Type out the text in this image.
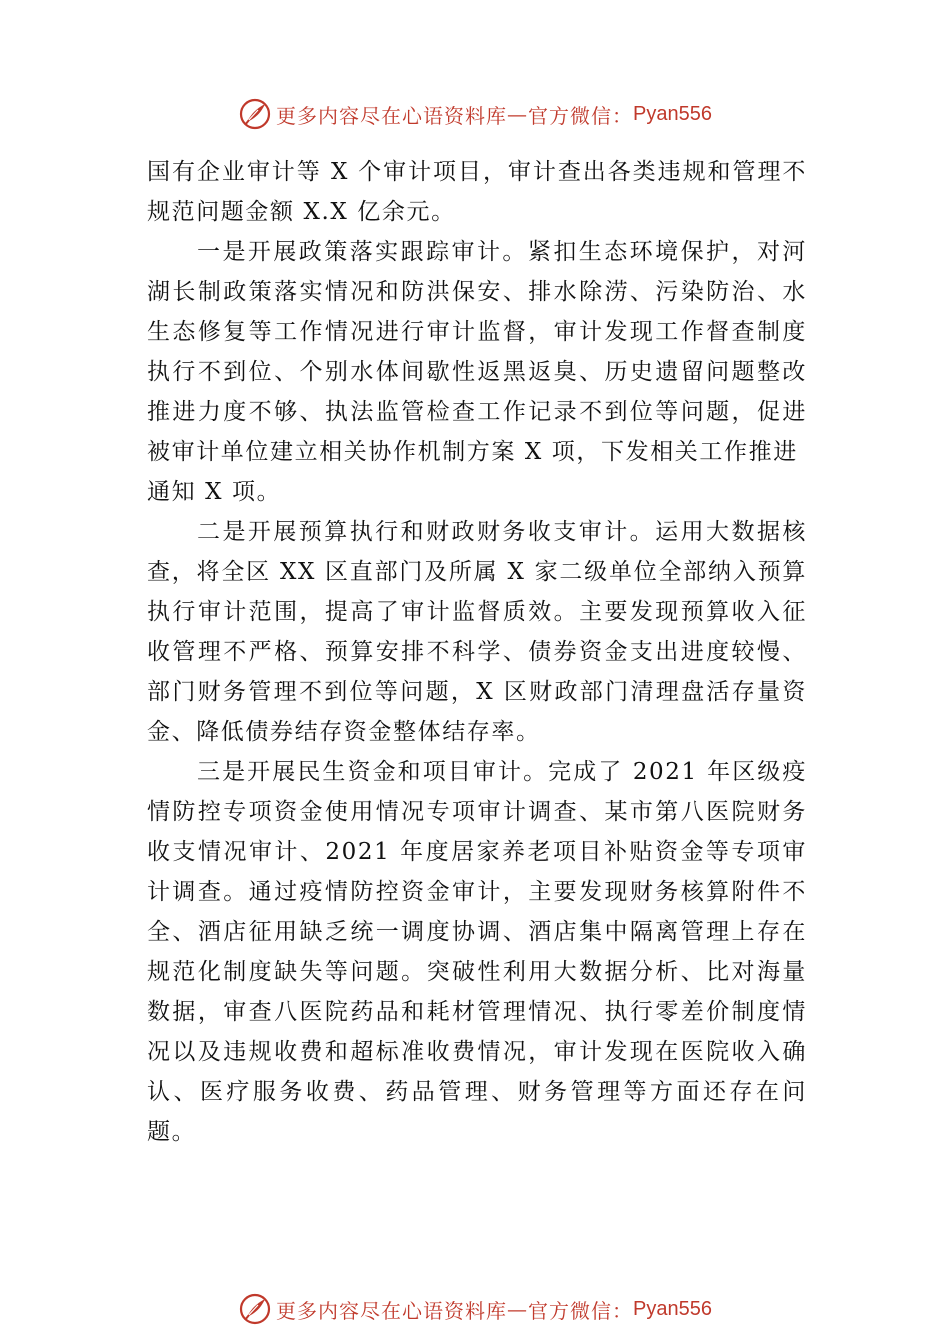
更多内容尽在心语资料库 — 官方微信： Pyan556

国有企业审计等 X 个审计项目，审计查出各类违规和管理不规范问题金额 X.X 亿余元。

一是开展政策落实跟踪审计。紧扣生态环境保护，对河湖长制政策落实情况和防洪保安、排水除涝、污染防治、水生态修复等工作情况进行审计监督，审计发现工作督查制度执行不到位、个别水体间歇性返黑返臭、历史遗留问题整改推进力度不够、执法监管检查工作记录不到位等问题，促进被审计单位建立相关协作机制方案 X 项，下发相关工作推进

通知 X 项。

二是开展预算执行和财政财务收支审计。运用大数据核查，将全区 XX 区直部门及所属 X 家二级单位全部纳入预算执行审计范围，提高了审计监督质效。主要发现预算收入征收管理不严格、预算安排不科学、债券资金支出进度较慢、部门财务管理不到位等问题，X 区财政部门清理盘活存量资金、降低债券结存资金整体结存率。

三是开展民生资金和项目审计。完成了 2021 年区级疫情防控专项资金使用情况专项审计调查、某市第八医院财务收支情况审计、2021 年度居家养老项目补贴资金等专项审计调查。通过疫情防控资金审计，主要发现财务核算附件不全、酒店征用缺乏统一调度协调、酒店集中隔离管理上存在规范化制度缺失等问题。突破性利用大数据分析、比对海量数据，审查八医院药品和耗材管理情况、执行零差价制度情况以及违规收费和超标准收费情况，审计发现在医院收入确认、医疗服务收费、药品管理、财务管理等方面还存在问题。

更多内容尽在心语资料库 — 官方微信： Pyan556
